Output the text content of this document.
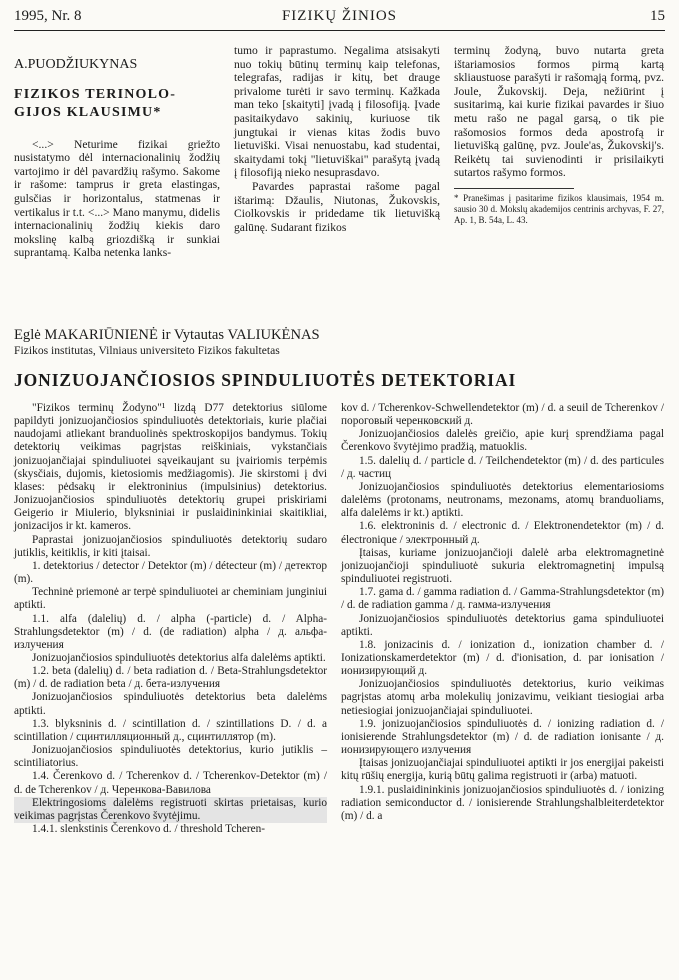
1995, Nr. 8	FIZIKŲ ŽINIOS	15
A.PUODŽIUKYNAS
FIZIKOS TERINOLO-GIJOS KLAUSIMU*

<...> Neturime fizikai griežto nusistatymo dėl internacionalinių žodžių vartojimo ir dėl pavardžių rašymo. Sakome ir rašome: tamprus ir greta elastingas, gulsčias ir horizontalus, statmenas ir vertikalus ir t.t. <...> Mano manymu, didelis internacionalinių žodžių kiekis daro mokslinę kalbą griozdišką ir sunkiai suprantamą. Kalba netenka lanks-

tumo ir paprastumo. Negalima atsisakyti nuo tokių būtinų terminų kaip telefonas, telegrafas, radijas ir kitų, bet drauge privalome turėti ir savo terminų. Kažkada man teko [skaityti] įvadą į filosofiją. Įvade pasitaikydavo sakinių, kuriuose tik jungtukai ir vienas kitas žodis buvo lietuviški. Visai nenuostabu, kad studentai, skaitydami tokį "lietuviškai" parašytą įvadą į filosofiją nieko nesuprasdavo.

Pavardes paprastai rašome pagal ištarimą: Džaulis, Niutonas, Žukovskis, Ciolkovskis ir pridedame tik lietuvišką galūnę. Sudarant fizikos

terminų žodyną, buvo nutarta greta ištariamosios formos pirmą kartą skliaustuose parašyti ir rašomąją formą, pvz. Joule, Žukovskij. Deja, nežiūrint į susitarimą, kai kurie fizikai pavardes ir šiuo metu rašo ne pagal garsą, o tik pie rašomosios formos deda apostrofą ir lietuvišką galūnę, pvz. Joule'as, Žukovskij's. Reikėtų tai suvienodinti ir prisilaikyti sutartos rašymo formos.

* Pranešimas į pasitarime fizikos klausimais, 1954 m. sausio 30 d. Mokslų akademijos centrinis archyvas, F. 27, Ap. 1, B. 54a, L. 43.
Eglė MAKARIŪNIENĖ ir Vytautas VALIUKĖNAS
Fizikos institutas, Vilniaus universiteto Fizikos fakultetas
JONIZUOJANČIOSIOS SPINDULIUOTĖS DETEKTORIAI

"Fizikos terminų Žodyno"¹ lizdą D77 detektorius siūlome papildyti jonizuojančiosios spinduliuotės detektoriais, kurie plačiai naudojami atliekant branduolinės spektroskopijos bandymus. Tokių detektorių veikimas pagrįstas reiškiniais, vykstančiais jonizuojančiajai spinduliuotei sąveikaujant su įvairiomis terpėmis (skysčiais, dujomis, kietosiomis medžiagomis). Jie skirstomi į dvi klases: pėdsakų ir elektroninius (impulsinius) detektorius. Jonizuojančiosios spinduliuotės detektorių grupei priskiriami Geigerio ir Miulerio, blyksniniai ir puslaidininkiniai skaitikliai, jonizacijos ir kt. kameros.

Paprastai jonizuojančiosios spinduliuotės detektorių sudaro jutiklis, keitiklis, ir kiti įtaisai.

1. detektorius / detector / Detektor (m) / détecteur (m) / детектор (m).

Techninė priemonė ar terpė spinduliuotei ar cheminiam junginiui aptikti.

1.1. alfa (dalelių) d. / alpha (-particle) d. / Alpha-Strahlungsdetektor (m) / d. (de radiation) alpha / д. альфа-излучения

Jonizuojančiosios spinduliuotės detektorius alfa dalelėms aptikti.

1.2. beta (dalelių) d. / beta radiation d. / Beta-Strahlungsdetektor (m) / d. de radiation beta / д. бета-излучения

Jonizuojančiosios spinduliuotės detektorius beta dalelėms aptikti.

1.3. blyksninis d. / scintillation d. / szintillations D. / d. a scintillation / сцинтилляционный д., сцинтиллятор (m).

Jonizuojančiosios spinduliuotės detektorius, kurio jutiklis – scintiliatorius.

1.4. Čerenkovo d. / Tcherenkov d. / Tcherenkov-Detektor (m) / d. de Tcherenkov / д. Черенкова-Вавилова

Elektringosioms dalelėms registruoti skirtas prietaisas, kurio veikimas pagrįstas Čerenkovo švytėjimu.

1.4.1. slenkstinis Čerenkovo d. / threshold Tcheren-

kov d. / Tcherenkov-Schwellendetektor (m) / d. a seuil de Tcherenkov / пороговый черенковский д.

Jonizuojančiosios dalelės greičio, apie kurį sprendžiama pagal Čerenkovo švytėjimo pradžią, matuoklis.

1.5. dalelių d. / particle d. / Teilchendetektor (m) / d. des particules / д. частиц

Jonizuojančiosios spinduliuotės detektorius elementariosioms dalelėms (protonams, neutronams, mezonams, atomų branduoliams, alfa dalelėms ir kt.) aptikti.

1.6. elektroninis d. / electronic d. / Elektronendetektor (m) / d. électronique / электронный д.

Įtaisas, kuriame jonizuojančioji dalelė arba elektromagnetinė jonizuojančioji spinduliuotė sukuria elektromagnetinį impulsą spinduliuotei registruoti.

1.7. gama d. / gamma radiation d. / Gamma-Strahlungsdetektor (m) / d. de radiation gamma / д. гамма-излучения

Jonizuojančiosios spinduliuotės detektorius gama spinduliuotei aptikti.

1.8. jonizacinis d. / ionization d., ionization chamber d. / Ionizationskamerdetektor (m) / d. d'ionisation, d. par ionisation / ионизирующий д.

Jonizuojančiosios spinduliuotės detektorius, kurio veikimas pagrįstas atomų arba molekulių jonizavimu, veikiant tiesiogiai arba netiesiogiai jonizuojančiajai spinduliuotei.

1.9. jonizuojančiosios spinduliuotės d. / ionizing radiation d. / ionisierende Strahlungsdetektor (m) / d. de radiation ionisante / д. ионизирующего излучения

Įtaisas jonizuojančiajai spinduliuotei aptikti ir jos energijai pakeisti kitų rūšių energija, kurią būtų galima registruoti ir (arba) matuoti.

1.9.1. puslaidininkinis jonizuojančiosios spinduliuotės d. / ionizing radiation semiconductor d. / ionisierende Strahlungshalbleiterdetektor (m) / d. a
